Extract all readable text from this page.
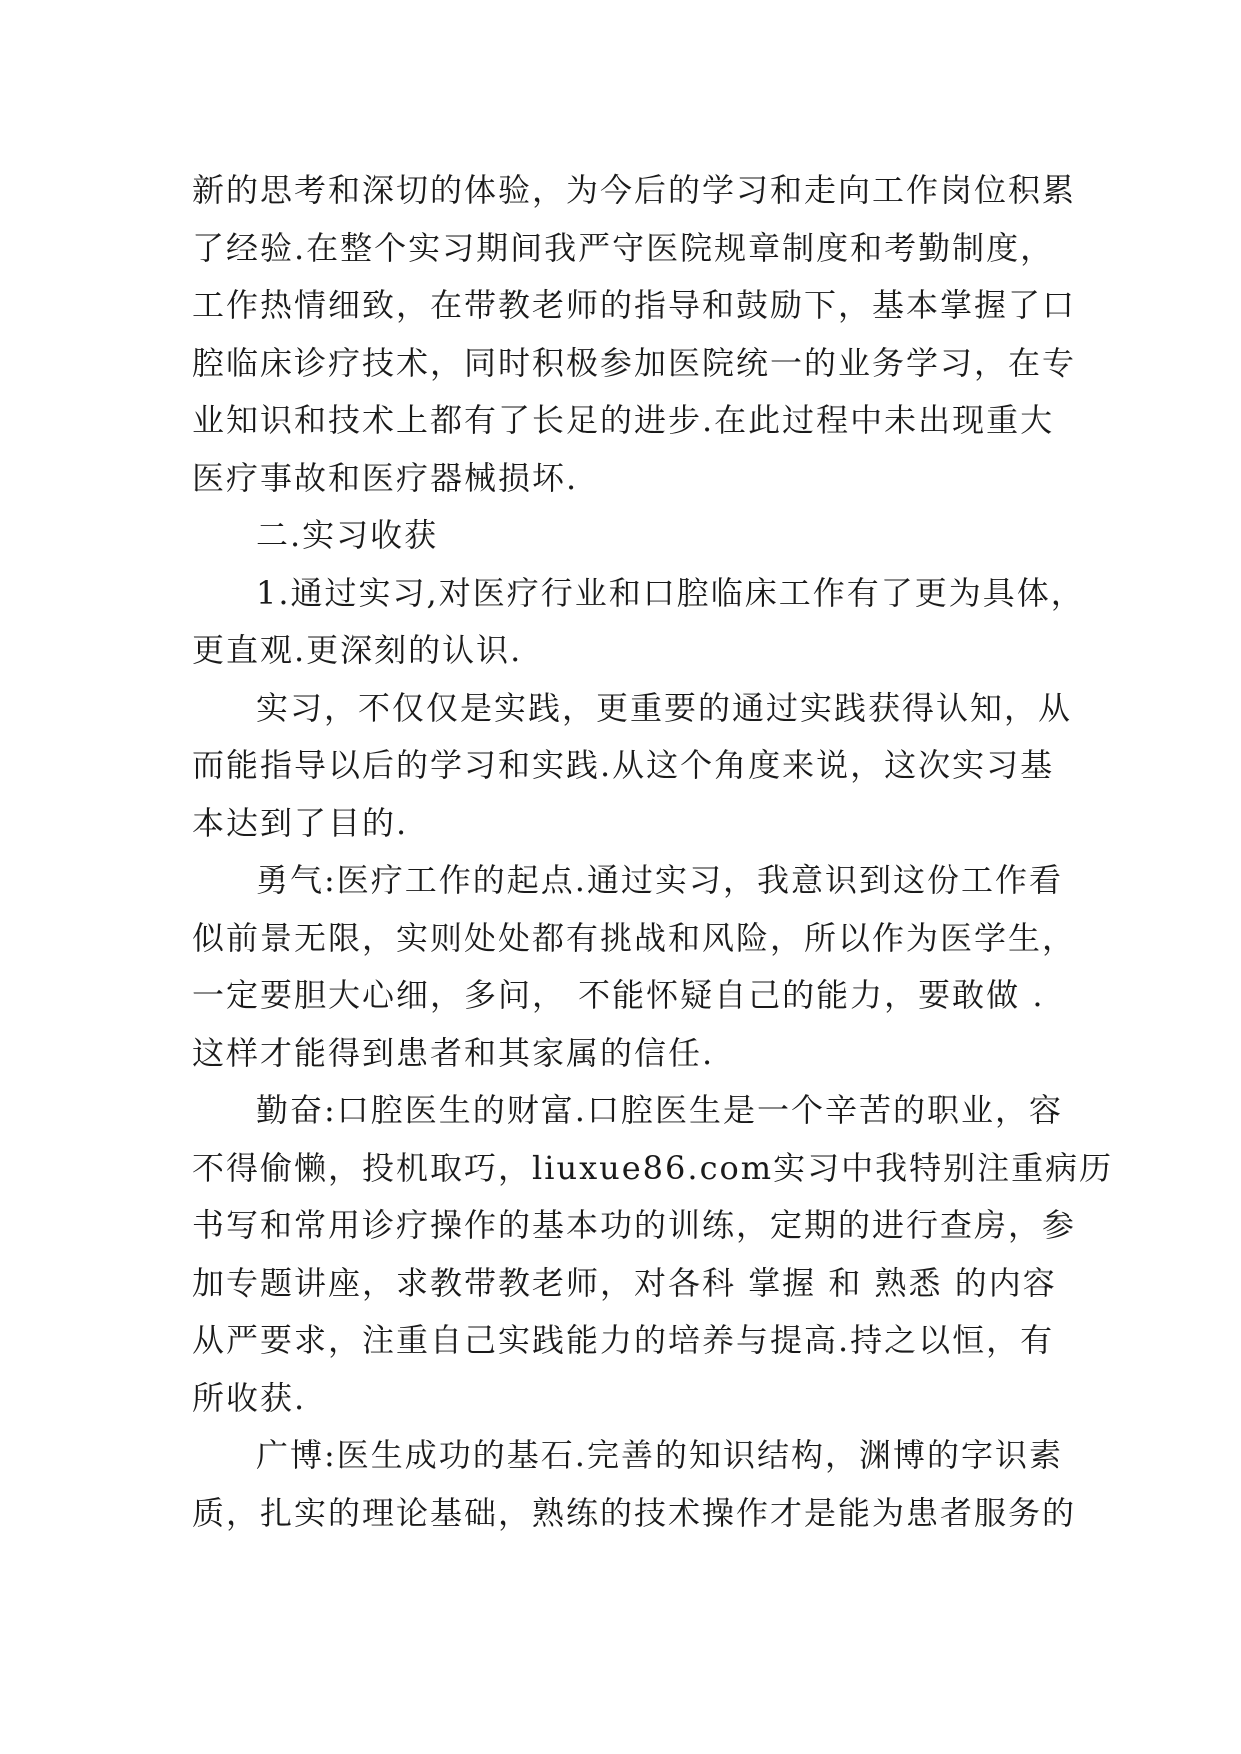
新的思考和深切的体验，为今后的学习和走向工作岗位积累
了经验.在整个实习期间我严守医院规章制度和考勤制度，
工作热情细致，在带教老师的指导和鼓励下，基本掌握了口
腔临床诊疗技术，同时积极参加医院统一的业务学习，在专
业知识和技术上都有了长足的进步.在此过程中未出现重大
医疗事故和医疗器械损坏.
二.实习收获
1.通过实习,对医疗行业和口腔临床工作有了更为具体，
更直观.更深刻的认识.
实习，不仅仅是实践，更重要的通过实践获得认知，从
而能指导以后的学习和实践.从这个角度来说，这次实习基
本达到了目的.
勇气:医疗工作的起点.通过实习，我意识到这份工作看
似前景无限，实则处处都有挑战和风险，所以作为医学生，
一定要胆大心细，多问， 不能怀疑自己的能力，要敢做 .
这样才能得到患者和其家属的信任.
勤奋:口腔医生的财富.口腔医生是一个辛苦的职业，容
不得偷懒，投机取巧，liuxue86.com实习中我特别注重病历
书写和常用诊疗操作的基本功的训练，定期的进行查房，参
加专题讲座，求教带教老师，对各科 掌握 和 熟悉 的内容
从严要求，注重自己实践能力的培养与提高.持之以恒，有
所收获.
广博:医生成功的基石.完善的知识结构，渊博的字识素
质，扎实的理论基础，熟练的技术操作才是能为患者服务的
